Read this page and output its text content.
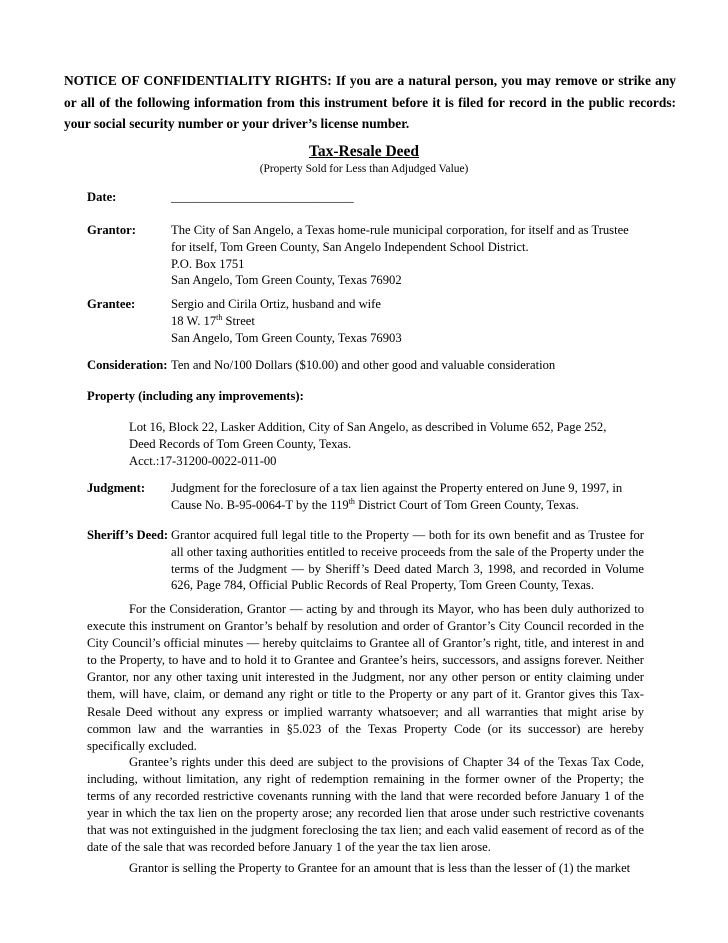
NOTICE OF CONFIDENTIALITY RIGHTS: If you are a natural person, you may remove or strike any or all of the following information from this instrument before it is filed for record in the public records: your social security number or your driver’s license number.
Tax-Resale Deed
(Property Sold for Less than Adjudged Value)
Date:	_____________________________
Grantor:	The City of San Angelo, a Texas home-rule municipal corporation, for itself and as Trustee
for itself, Tom Green County, San Angelo Independent School District.
P.O. Box 1751
San Angelo, Tom Green County, Texas 76902
Grantee:	Sergio and Cirila Ortiz, husband and wife
18 W. 17th Street
San Angelo, Tom Green County, Texas 76903
Consideration: Ten and No/100 Dollars ($10.00) and other good and valuable consideration
Property (including any improvements):
Lot 16, Block 22, Lasker Addition, City of San Angelo, as described in Volume 652, Page 252,
Deed Records of Tom Green County, Texas.
Acct.:17-31200-0022-011-00
Judgment: Judgment for the foreclosure of a tax lien against the Property entered on June 9, 1997, in
Cause No. B-95-0064-T by the 119th District Court of Tom Green County, Texas.
Sheriff’s Deed: Grantor acquired full legal title to the Property — both for its own benefit and as Trustee for all other taxing authorities entitled to receive proceeds from the sale of the Property under the terms of the Judgment — by Sheriff’s Deed dated March 3, 1998, and recorded in Volume 626, Page 784, Official Public Records of Real Property, Tom Green County, Texas.
For the Consideration, Grantor — acting by and through its Mayor, who has been duly authorized to execute this instrument on Grantor’s behalf by resolution and order of Grantor’s City Council recorded in the City Council’s official minutes — hereby quitclaims to Grantee all of Grantor’s right, title, and interest in and to the Property, to have and to hold it to Grantee and Grantee’s heirs, successors, and assigns forever. Neither Grantor, nor any other taxing unit interested in the Judgment, nor any other person or entity claiming under them, will have, claim, or demand any right or title to the Property or any part of it. Grantor gives this Tax-Resale Deed without any express or implied warranty whatsoever; and all warranties that might arise by common law and the warranties in §5.023 of the Texas Property Code (or its successor) are hereby specifically excluded.
Grantee’s rights under this deed are subject to the provisions of Chapter 34 of the Texas Tax Code, including, without limitation, any right of redemption remaining in the former owner of the Property; the terms of any recorded restrictive covenants running with the land that were recorded before January 1 of the year in which the tax lien on the property arose; any recorded lien that arose under such restrictive covenants that was not extinguished in the judgment foreclosing the tax lien; and each valid easement of record as of the date of the sale that was recorded before January 1 of the year the tax lien arose.
Grantor is selling the Property to Grantee for an amount that is less than the lesser of (1) the market
